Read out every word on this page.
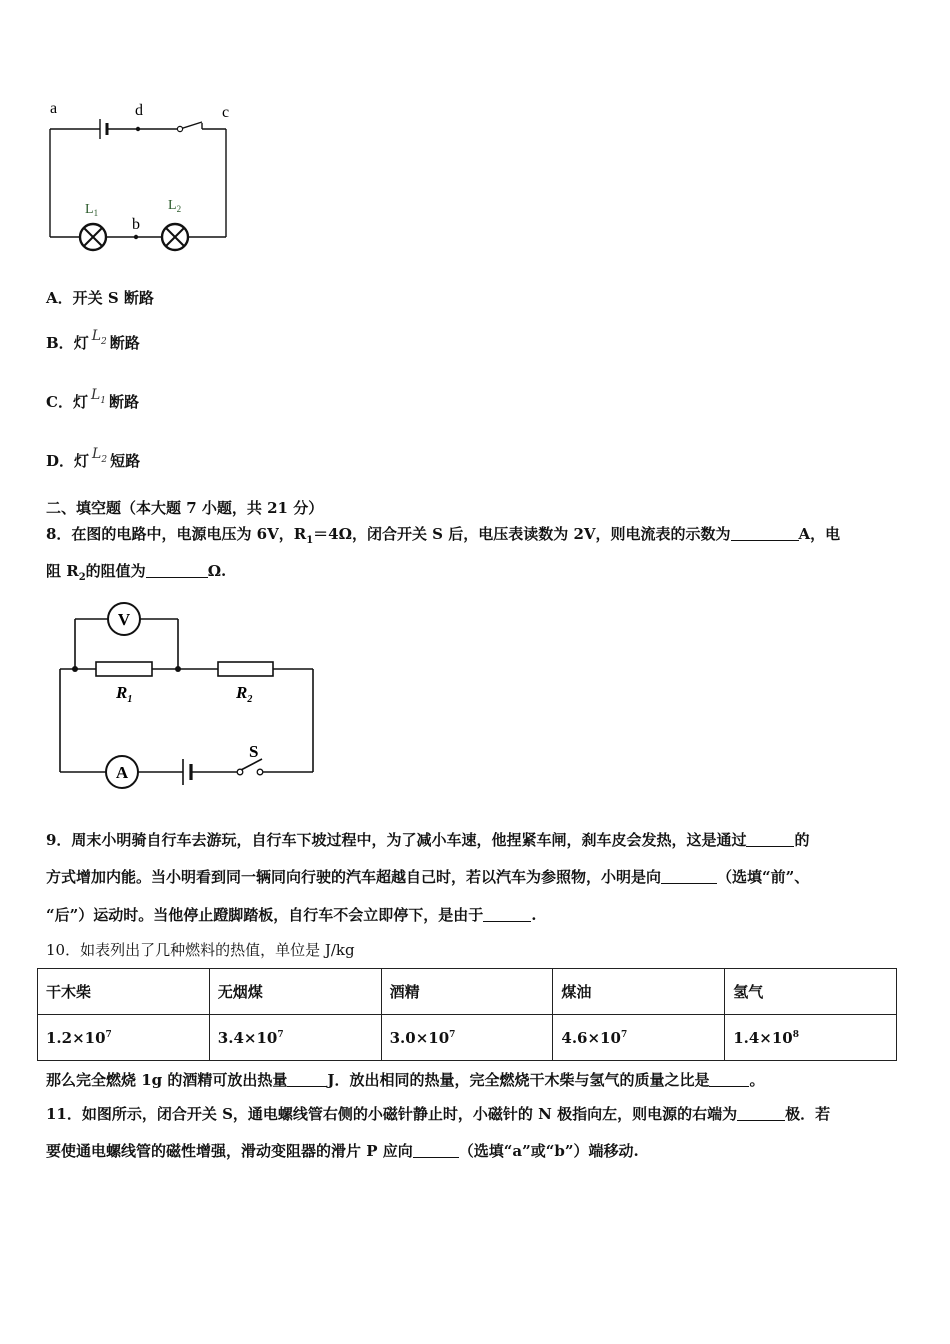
a	d	c
b
$L_1$	$L_2$
A．开关 S 断路
B．灯 $L_2$ 断路
C．灯 $L_1$ 断路
D．灯 $L_2$ 短路
二、填空题（本大题 7 小题，共 21 分）
8．在图的电路中，电源电压为 6V，$R_1=4\Omega$，闭合开关 S 后，电压表读数为 2V，则电流表的示数为	A，电
阻 $R_2$的阻值为	Ω.
V
A
S
$R_1$	$R_2$
9．周末小明骑自行车去游玩，自行车下坡过程中，为了减小车速，他捏紧车闸，刹车皮会发热，这是通过	的
方式增加内能。当小明看到同一辆同向行驶的汽车超越自己时，若以汽车为参照物，小明是向	（选填“前”、
“后”）运动时。当他停止蹬脚踏板，自行车不会立即停下，是由于	.
10．如表列出了几种燃料的热值，单位是 J/kg
干木柴	无烟煤	酒精	煤油	氢气
$1.2\times 10^7$	$3.4\times 10^7$	$3.0\times 10^7$	$4.6\times 10^7$	$1.4\times 10^8$
那么完全燃烧 1g 的酒精可放出热量	J．放出相同的热量，完全燃烧干木柴与氢气的质量之比是	。
11．如图所示，闭合开关 S，通电螺线管右侧的小磁针静止时，小磁针的 N 极指向左，则电源的右端为	极．若
要使通电螺线管的磁性增强，滑动变阻器的滑片 P 应向	（选填“a”或“b”）端移动.
